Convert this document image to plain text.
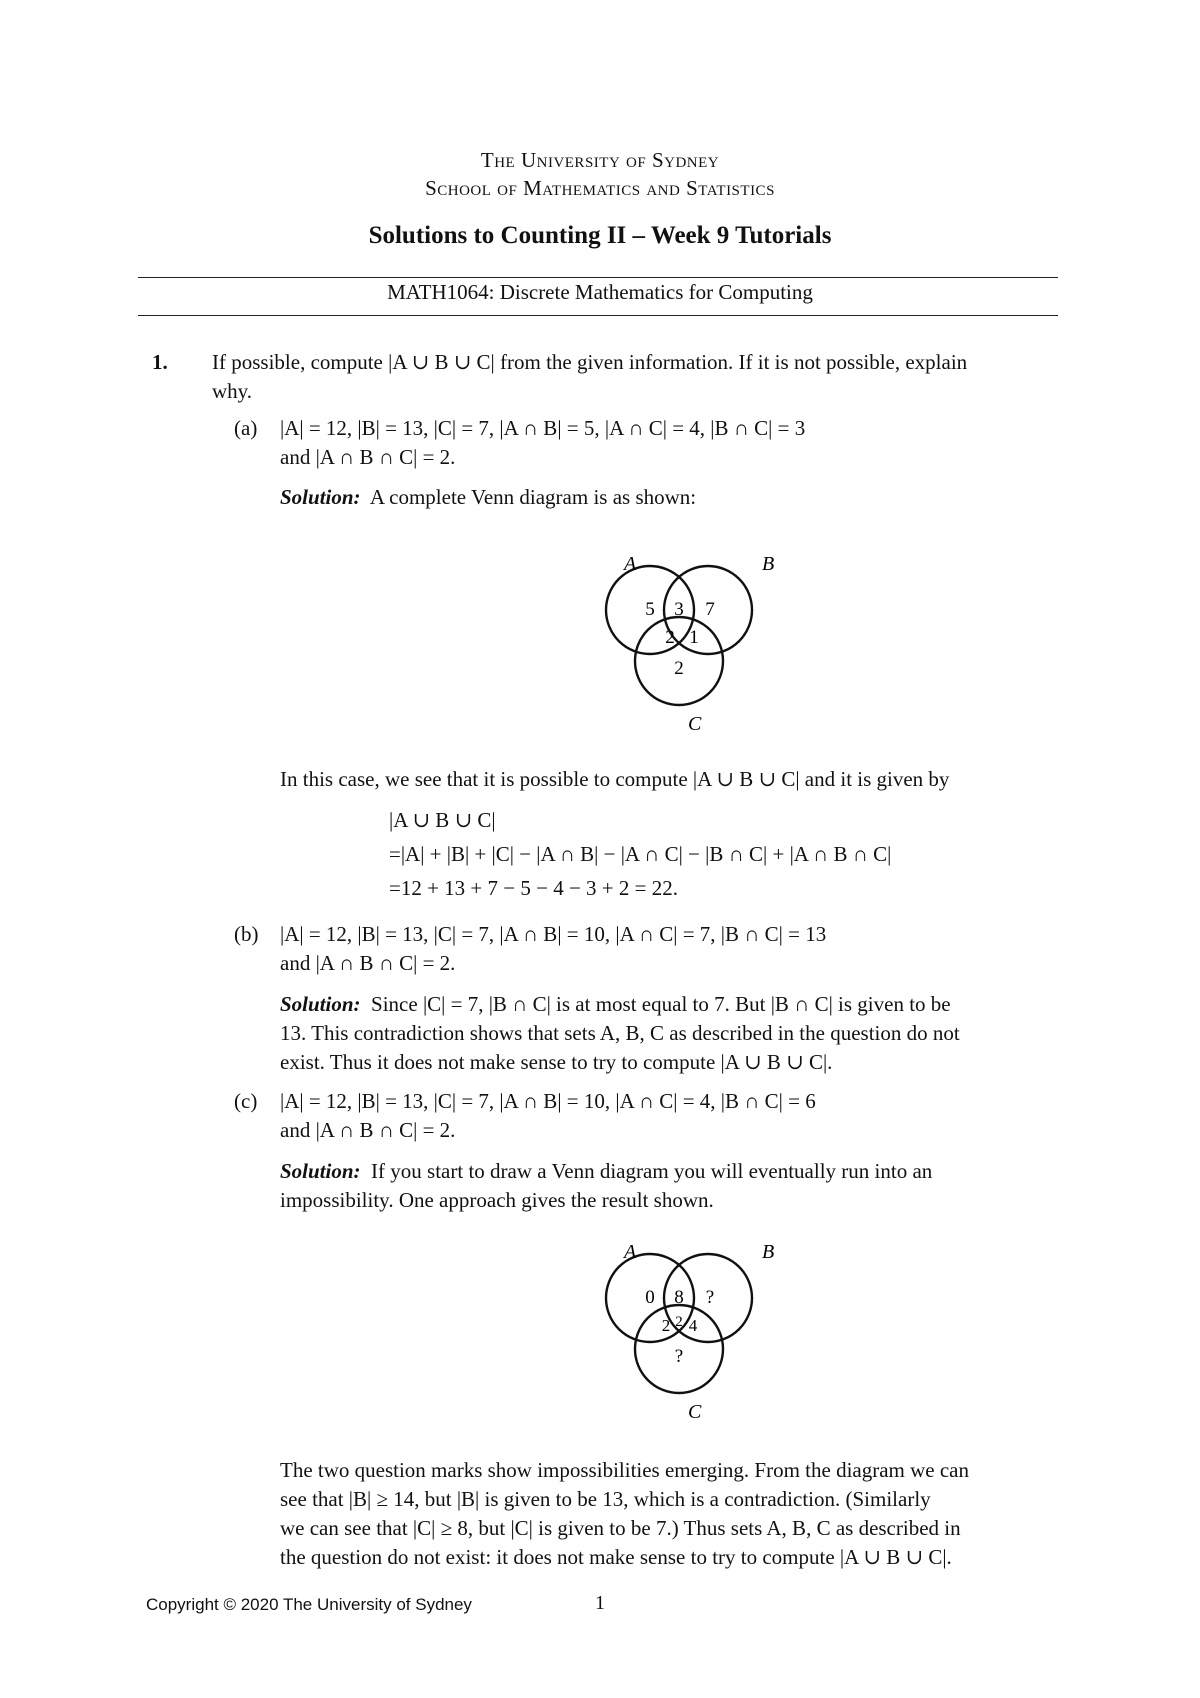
The University of Sydney
School of Mathematics and Statistics
Solutions to Counting II – Week 9 Tutorials
MATH1064: Discrete Mathematics for Computing
1. If possible, compute |A ∪ B ∪ C| from the given information. If it is not possible, explain
why.
(a) |A| = 12, |B| = 13, |C| = 7, |A ∩ B| = 5, |A ∩ C| = 4, |B ∩ C| = 3
and |A ∩ B ∩ C| = 2.
Solution: A complete Venn diagram is as shown:
A	B
C
5 3 7
2 1
2
In this case, we see that it is possible to compute |A ∪ B ∪ C| and it is given by
|A ∪ B ∪ C|
=|A| + |B| + |C| − |A ∩ B| − |A ∩ C| − |B ∩ C| + |A ∩ B ∩ C|
=12 + 13 + 7 − 5 − 4 − 3 + 2 = 22.
(b) |A| = 12, |B| = 13, |C| = 7, |A ∩ B| = 10, |A ∩ C| = 7, |B ∩ C| = 13
and |A ∩ B ∩ C| = 2.
Solution: Since |C| = 7, |B ∩ C| is at most equal to 7. But |B ∩ C| is given to be
13. This contradiction shows that sets A, B, C as described in the question do not
exist. Thus it does not make sense to try to compute |A ∪ B ∪ C|.
(c) |A| = 12, |B| = 13, |C| = 7, |A ∩ B| = 10, |A ∩ C| = 4, |B ∩ C| = 6
and |A ∩ B ∩ C| = 2.
Solution: If you start to draw a Venn diagram you will eventually run into an
impossibility. One approach gives the result shown.
A	B
C
0 8 ?
2 2 4
?
The two question marks show impossibilities emerging. From the diagram we can
see that |B| ≥ 14, but |B| is given to be 13, which is a contradiction. (Similarly
we can see that |C| ≥ 8, but |C| is given to be 7.) Thus sets A, B, C as described in
the question do not exist: it does not make sense to try to compute |A ∪ B ∪ C|.
Copyright © 2020 The University of Sydney	1
